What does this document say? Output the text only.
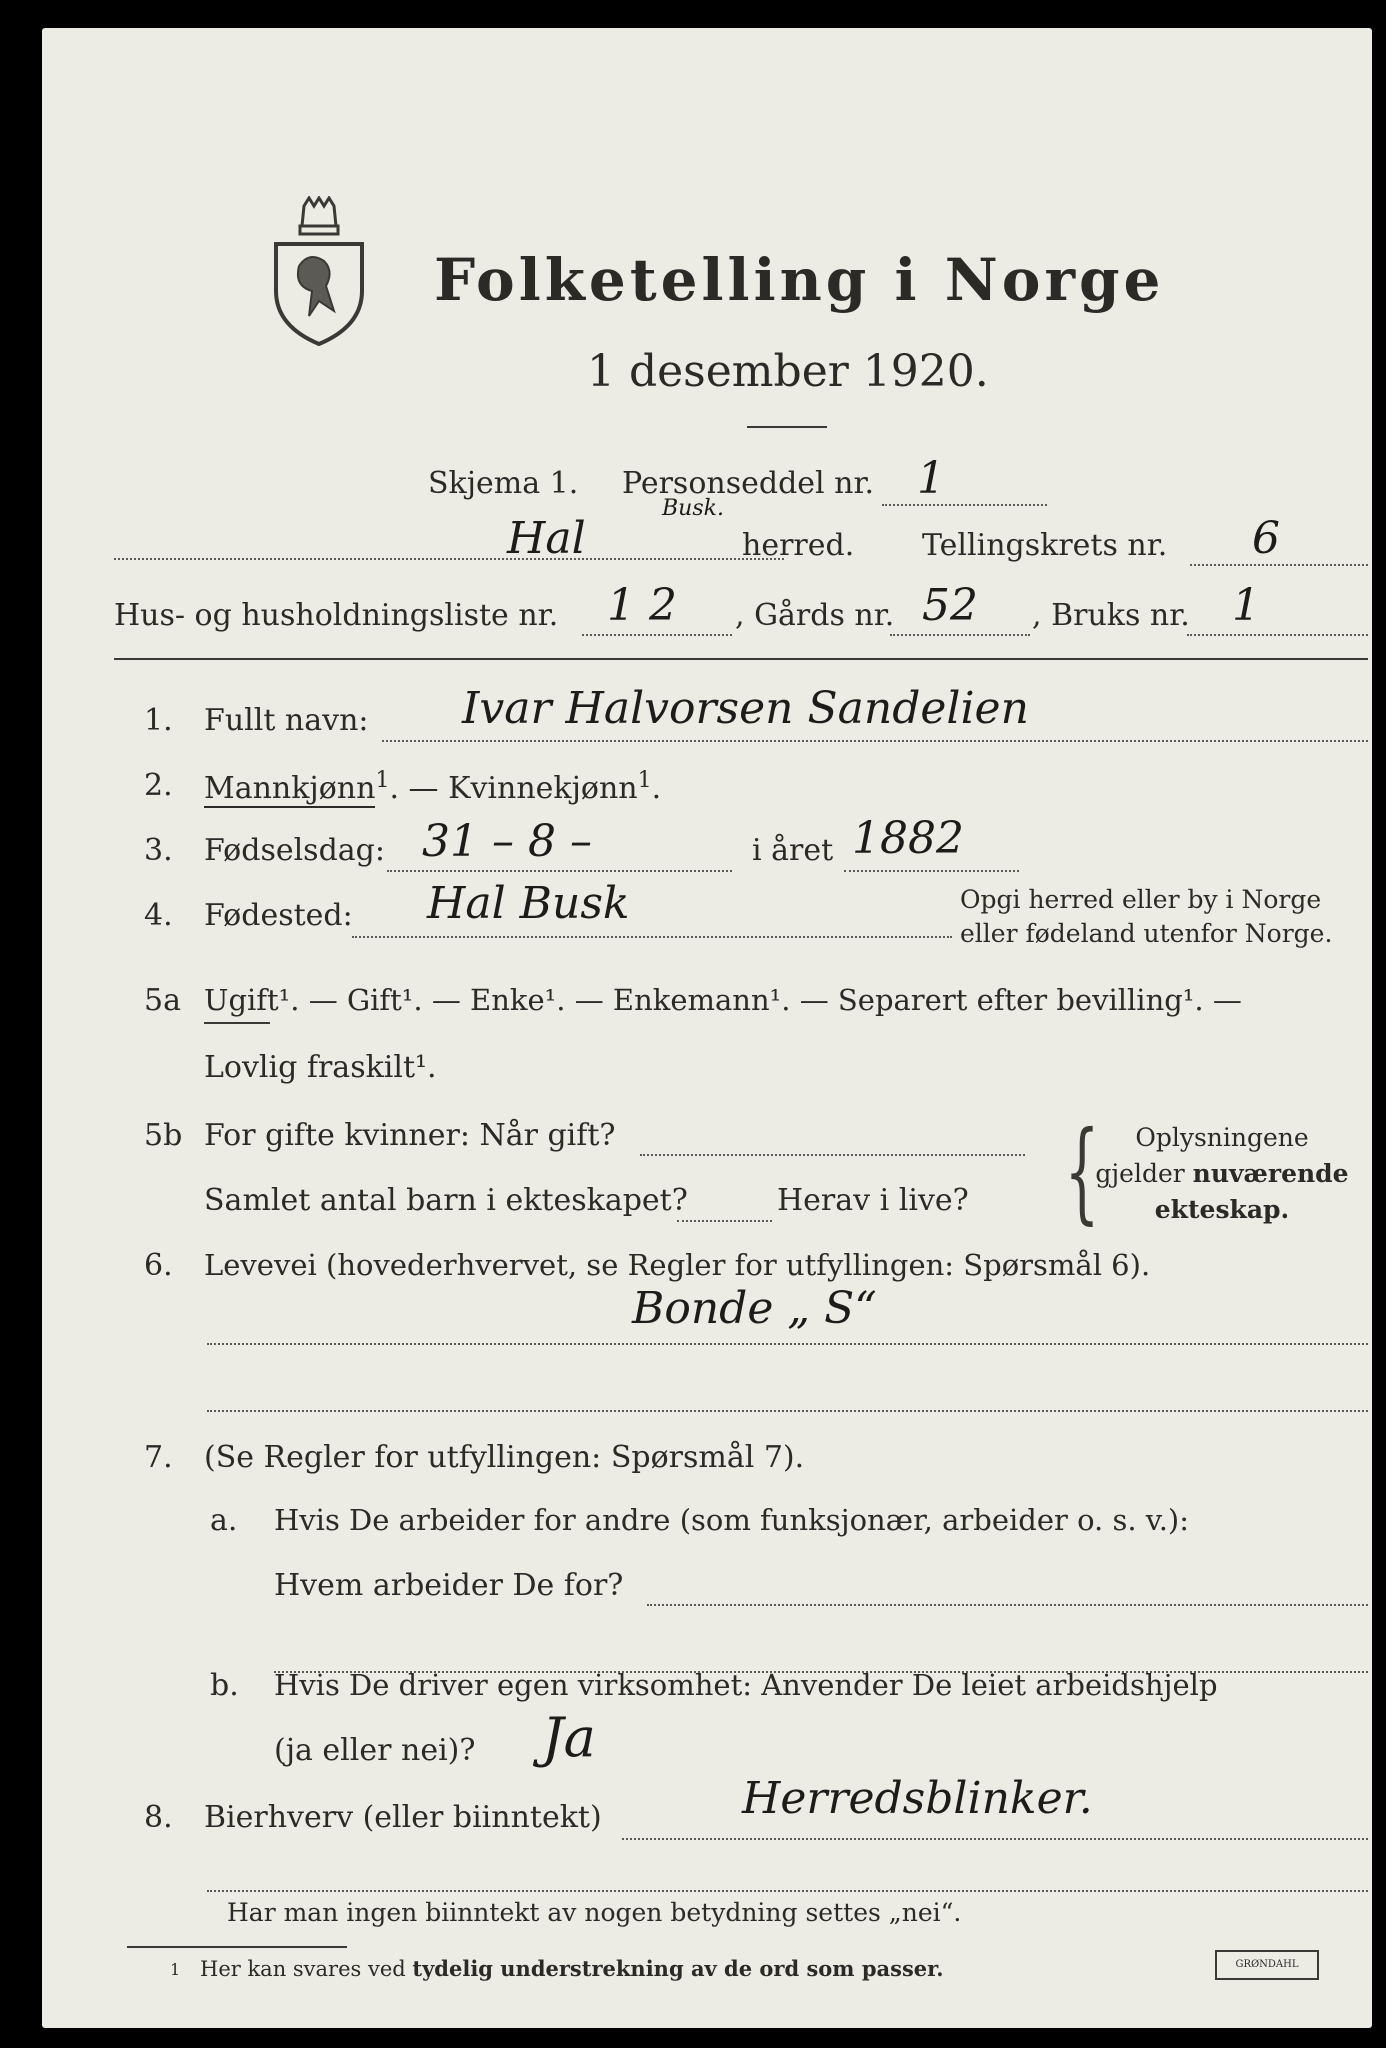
Folketelling i Norge
1 desember 1920.
Skjema 1. Personseddel nr. 1
Hal
Busk.
herred. Tellingskrets nr. 6
Hus- og husholdningsliste nr. 1 2 , Gårds nr. 52 , Bruks nr. 1
1. Fullt navn: Ivar Halvorsen Sandelien
2. Mannkjønn$^1$. — Kvinnekjønn$^1$.
3. Fødselsdag: 31 – 8 –	i året 1882
4. Fødested: Hal Busk	Opgi herred eller by i Norge
eller fødeland utenfor Norge.
5a Ugift¹. — Gift¹. — Enke¹. — Enkemann¹. — Separert efter bevilling¹. —
Lovlig fraskilt¹.
5b For gifte kvinner: Når gift?
Samlet antal barn i ekteskapet?	Herav i live? {	Oplysningene
gjelder nuværende
ekteskap.
6. Levevei (hovederhvervet, se Regler for utfyllingen: Spørsmål 6).
Bonde „ S“
7. (Se Regler for utfyllingen: Spørsmål 7).
a. Hvis De arbeider for andre (som funksjonær, arbeider o. s. v.):
Hvem arbeider De for?
b. Hvis De driver egen virksomhet: Anvender De leiet arbeidshjelp
(ja eller nei)? Ja
8. Bierhverv (eller biinntekt)	Herredsblinker.
Har man ingen biinntekt av nogen betydning settes „nei“.
1 Her kan svares ved tydelig understrekning av de ord som passer.	GRØNDAHL
